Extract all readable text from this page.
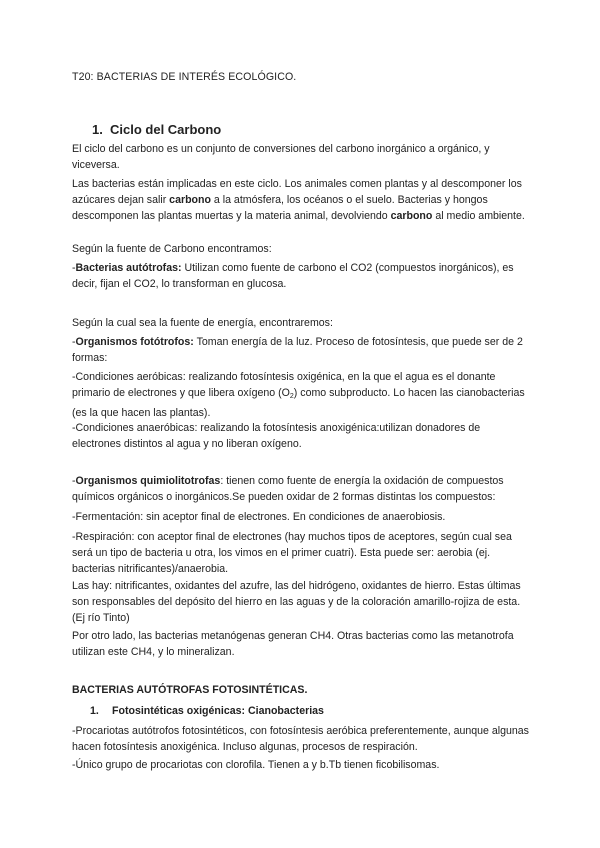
T20: BACTERIAS DE INTERÉS ECOLÓGICO.
1. Ciclo del Carbono
El ciclo del carbono es un conjunto de conversiones del carbono inorgánico a orgánico, y viceversa.
Las bacterias están implicadas en este ciclo. Los animales comen plantas y al descomponer los azúcares dejan salir carbono a la atmósfera, los océanos o el suelo. Bacterias y hongos descomponen las plantas muertas y la materia animal, devolviendo carbono al medio ambiente.
Según la fuente de Carbono encontramos:
-Bacterias autótrofas: Utilizan como fuente de carbono el CO2 (compuestos inorgánicos), es decir, fijan el CO2, lo transforman en glucosa.
Según la cual sea la fuente de energía, encontraremos:
-Organismos fotótrofos: Toman energía de la luz. Proceso de fotosíntesis, que puede ser de 2 formas:
-Condiciones aeróbicas: realizando fotosíntesis oxigénica, en la que el agua es el donante primario de electrones y que libera oxígeno $(O_2)$ como subproducto. Lo hacen las cianobacterias (es la que hacen las plantas).
-Condiciones anaeróbicas: realizando la fotosíntesis anoxigénica:utilizan donadores de electrones distintos al agua y no liberan oxígeno.
-Organismos quimiolitotrofas: tienen como fuente de energía la oxidación de compuestos químicos orgánicos o inorgánicos.Se pueden oxidar de 2 formas distintas los compuestos:
-Fermentación: sin aceptor final de electrones. En condiciones de anaerobiosis.
-Respiración: con aceptor final de electrones (hay muchos tipos de aceptores, según cual sea será un tipo de bacteria u otra, los vimos en el primer cuatri). Esta puede ser: aerobia (ej. bacterias nitrificantes)/anaerobia.
Las hay: nitrificantes, oxidantes del azufre, las del hidrógeno, oxidantes de hierro. Estas últimas son responsables del depósito del hierro en las aguas y de la coloración amarillo-rojiza de esta. (Ej río Tinto)
Por otro lado, las bacterias metanógenas generan CH4. Otras bacterias como las metanotrofa utilizan este CH4, y lo mineralizan.
BACTERIAS AUTÓTROFAS FOTOSINTÉTICAS.
1. Fotosintéticas oxigénicas: Cianobacterias
-Procariotas autótrofos fotosintéticos, con fotosíntesis aeróbica preferentemente, aunque algunas hacen fotosíntesis anoxigénica. Incluso algunas, procesos de respiración.
-Único grupo de procariotas con clorofila. Tienen a y b.Tb tienen ficobilisomas.
